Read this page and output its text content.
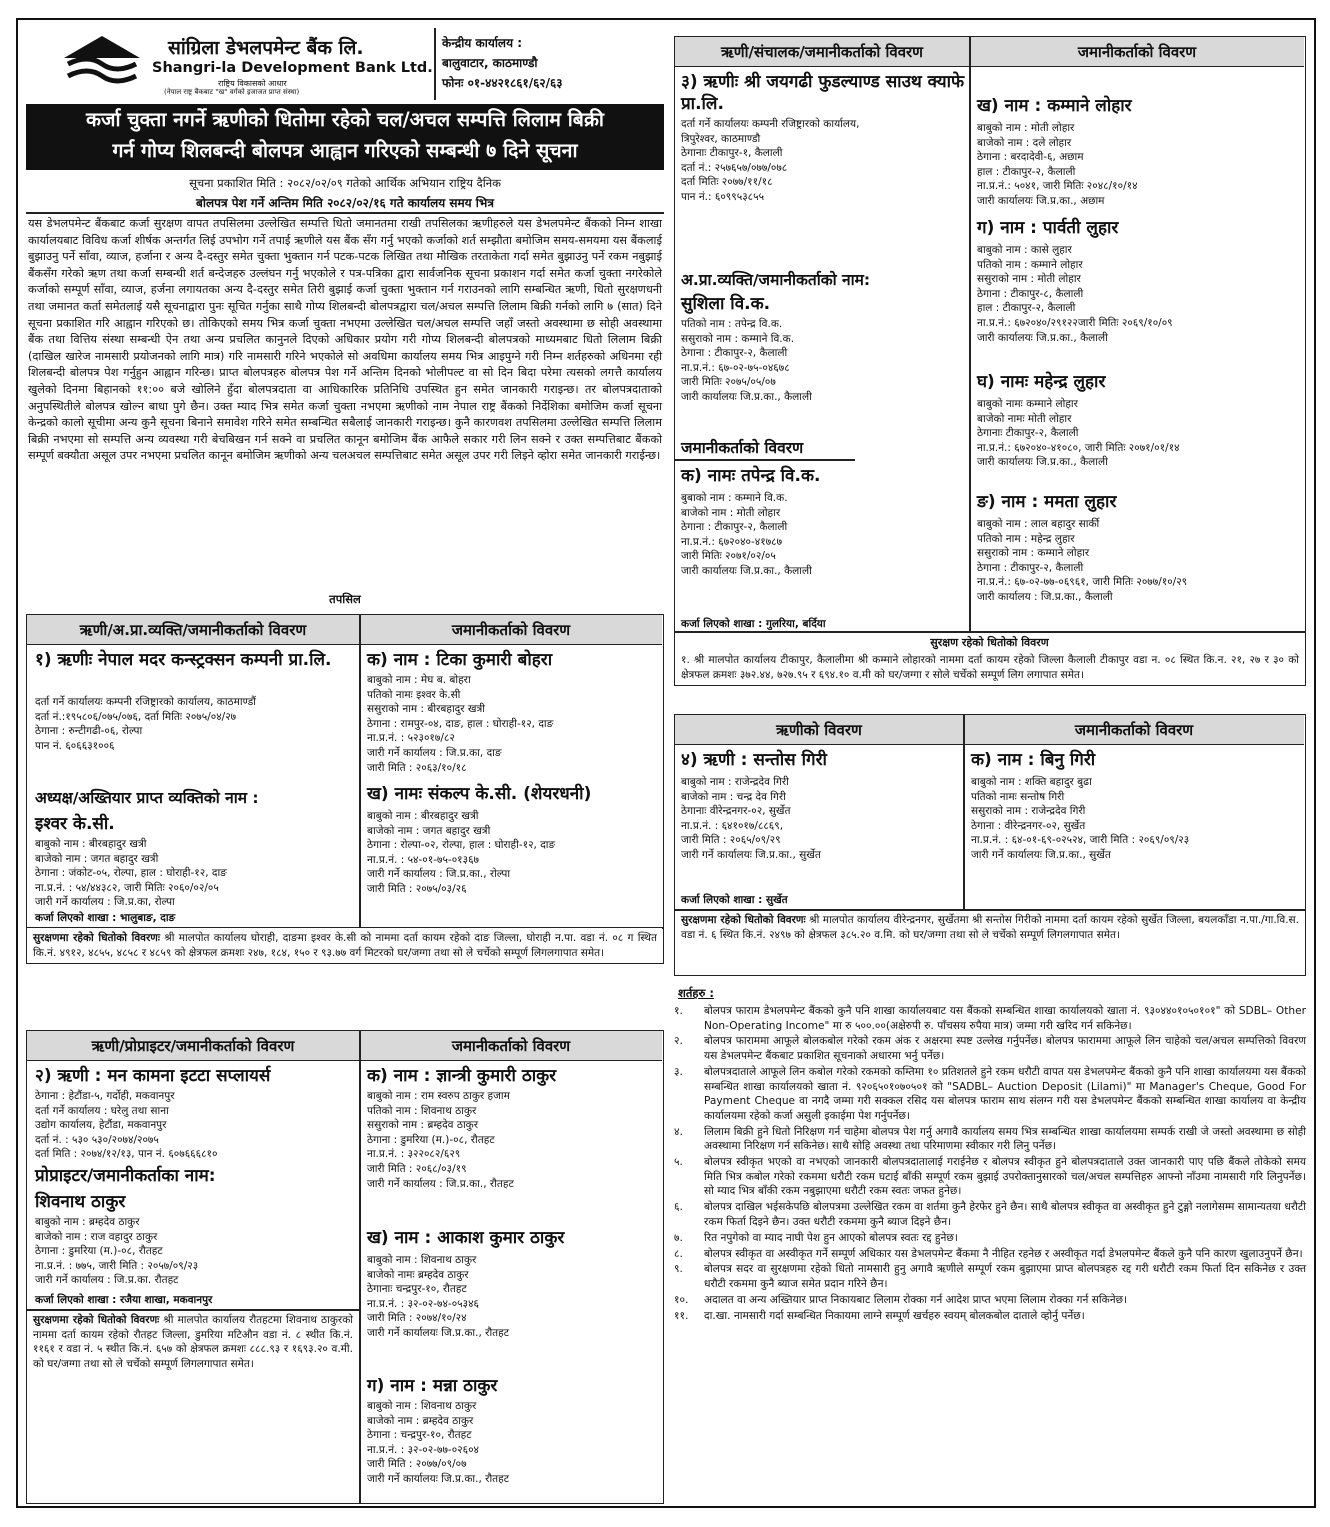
सांग्रिला डेभलपमेन्ट बैंक लि.
Shangri-la Development Bank Ltd.
राष्ट्रिय विकासको आधार
(नेपाल राष्ट्र बैंकबाट "ख" वर्गको इजाजत प्राप्त संस्था)
केन्द्रीय कार्यालय :
बालुवाटार, काठमाण्डौ
फोनः ०१-४४२१८६१/६२/६३
कर्जा चुक्ता नगर्ने ऋणीको धितोमा रहेको चल/अचल सम्पत्ति लिलाम बिक्री
गर्न गोप्य शिलबन्दी बोलपत्र आह्वान गरिएको सम्बन्धी ७ दिने सूचना
सूचना प्रकाशित मिति : २०८२/०२/०९ गतेको आर्थिक अभियान राष्ट्रिय दैनिक
बोलपत्र पेश गर्ने अन्तिम मिति २०८२/०२/१६ गते कार्यालय समय भित्र
यस डेभलपमेन्ट बैंकबाट कर्जा सुरक्षण वापत तपसिलमा उल्लेखित सम्पत्ति धितो जमानतमा राखी तपसिलका ऋणीहरुले यस डेभलपमेन्ट बैंकको निम्न शाखा कार्यालयबाट विविध कर्जा शीर्षक अन्तर्गत लिई उपभोग गर्ने तपाई ऋणीले यस बैंक सँग गर्नु भएको कर्जाको शर्त सम्झौता बमोजिम समय-समयमा यस बैंकलाई बुझाउनु पर्ने साँवा, व्याज, हर्जाना र अन्य दै-दस्तुर समेत चुक्ता भुक्तान गर्न पटक-पटक लिखित तथा मौखिक तरताकेता गर्दा समेत बुझाउनु पर्ने रकम नबुझाई बैंकसँग गरेको ऋण तथा कर्जा सम्बन्धी शर्त बन्देजहरु उल्लंघन गर्नु भएकोले र पत्र-पत्रिका द्वारा सार्वजनिक सूचना प्रकाशन गर्दा समेत कर्जा चुक्ता नगरेकोले कर्जाको सम्पूर्ण साँवा, व्याज, हर्जना लगायतका अन्य दै-दस्तुर समेत तिरी बुझाई कर्जा चुक्ता भुक्तान गर्न गराउनको लागि सम्बन्धित ऋणी, धितो सुरक्षणधनी तथा जमानत कर्ता समेतलाई यसै सूचनाद्वारा पुनः सूचित गर्नुका साथै गोप्य शिलबन्दी बोलपत्रद्वारा चल/अचल सम्पत्ति लिलाम बिक्री गर्नको लागि ७ (सात) दिने सूचना प्रकाशित गरि आह्वान गरिएको छ। तोकिएको समय भित्र कर्जा चुक्ता नभएमा उल्लेखित चल/अचल सम्पत्ति जहाँ जस्तो अवस्थामा छ सोही अवस्थामा बैंक तथा वित्तिय संस्था सम्बन्धी ऐन तथा अन्य प्रचलित कानुनले दिएको अधिकार प्रयोग गरी गोप्य शिलबन्दी बोलपत्रको माध्यमबाट धितो लिलाम बिक्री (दाखिल खारेज नामसारी प्रयोजनको लागि मात्र) गरि नामसारी गरिने भएकोले सो अवधिमा कार्यालय समय भित्र आइपुग्ने गरी निम्न शर्तहरुको अधिनमा रही शिलबन्दी बोलपत्र पेश गर्नुहुन आह्वान गरिन्छ। प्राप्त बोलपत्रहरु बोलपत्र पेश गर्ने अन्तिम दिनको भोलीपल्ट वा सो दिन बिदा परेमा त्यसको लगत्तै कार्यालय खुलेको दिनमा बिहानको ११:०० बजे खोलिने हुँदा बोलपत्रदाता वा आधिकारिक प्रतिनिधि उपस्थित हुन समेत जानकारी गराइन्छ। तर बोलपत्रदाताको अनुपस्थितीले बोलपत्र खोल्न बाधा पुगे छैन। उक्त म्याद भित्र समेत कर्जा चुक्ता नभएमा ऋणीको नाम नेपाल राष्ट्र बैंकको निर्देशिका बमोजिम कर्जा सूचना केन्द्रको कालो सूचीमा अन्य कुनै सूचना बिनाने समावेश गरिने समेत सम्बन्धित सबैलाई जानकारी गराइन्छ। कुनै कारणवश तपसिलमा उल्लेखित सम्पत्ति लिलाम बिक्री नभएमा सो सम्पत्ति अन्य व्यवस्था गरी बेचबिखन गर्न सक्ने वा प्रचलित कानून बमोजिम बैंक आफैले सकार गरी लिन सक्ने र उक्त सम्पत्तिबाट बैंकको सम्पूर्ण बक्यौता असूल उपर नभएमा प्रचलित कानून बमोजिम ऋणीको अन्य चलअचल सम्पत्तिबाट समेत असूल उपर गरी लिइने व्होरा समेत जानकारी गराईन्छ।
तपसिल
ऋणी/अ.प्रा.व्यक्ति/जमानीकर्ताको विवरण	जमानीकर्ताको विवरण
१) ऋणीः नेपाल मदर कन्स्ट्रक्सन कम्पनी प्रा.लि.
दर्ता गर्ने कार्यालयः कम्पनी रजिष्ट्रारको कार्यालय, काठमाण्डौं
दर्ता नं.:१९५८०६/०७५/०७६, दर्ता मितिः २०७५/०४/२७
ठेगाना : रुन्टीगढी-०६, रोल्पा
पान नं. ६०६६३१००६
अध्यक्ष/अख्तियार प्राप्त व्यक्तिको नाम :
इश्वर के.सी.
बाबुको नाम : बीरबहादुर खत्री
बाजेको नाम : जगत बहादुर खत्री
ठेगाना : जंकोट-०५, रोल्पा, हाल : घोराही-१२, दाङ
ना.प्र.नं. : ५४/४४३८२, जारी मितिः २०६०/०२/०५
जारी गर्ने कार्यालय : जि.प्र.का, रोल्पा
कर्जा लिएको शाखा : भालुबाङ, दाङ
क) नाम : टिका कुमारी बोहरा
बाबुको नाम : मेघ ब. बोहरा
पतिको नामः इश्वर के.सी
ससुराको नाम : बीरबहादुर खत्री
ठेगाना : रामपुर-०४, दाङ, हाल : घोराही-१२, दाङ
ना.प्र.नं. : ५२३०१७/८२
जारी गर्ने कार्यालय : जि.प्र.का, दाङ
जारी मिति : २०६३/१०/१८
ख) नामः संकल्प के.सी. (शेयरधनी)
बाबुको नाम : बीरबहादुर खत्री
बाजेको नाम : जगत बहादुर खत्री
ठेगाना : रोल्पा-०२, रोल्पा, हाल : घोराही-१२, दाङ
ना.प्र.नं. : ५४-०१-७५-०१३६७
जारी गर्ने कार्यालय : जि.प्र.का., रोल्पा
जारी मिति : २०७५/०३/२६
सुरक्षणमा रहेको धितोको विवरणः श्री मालपोत कार्यालय घोराही, दाङमा इश्वर के.सी को नाममा दर्ता कायम रहेको दाङ जिल्ला, घोराही न.पा. वडा नं. ०८ ग स्थित कि.नं. ४९१२, ४८५५, ४८५८ र ४८५९ को क्षेत्रफल क्रमशः २४७, १८४, १५० र ९३.७७ वर्ग मिटरको घर/जग्गा तथा सो ले चर्चेको सम्पूर्ण लिगलगापात समेत।
ऋणी/प्रोप्राइटर/जमानीकर्ताको विवरण	जमानीकर्ताको विवरण
२) ऋणी : मन कामना इटटा सप्लायर्स
ठेगाना : हेटौंडा-५, गर्दोही, मकवानपुर
दर्ता गर्ने कार्यालय : घरेलु तथा साना
उद्योग कार्यालय, हेटौंडा, मकवानपुर
दर्ता नं. : ५३० ५३०/२०७४/२०७५
दर्ता मिति : २०७४/१२/१३, पान नं. ६०७६६६८१०
प्रोप्राइटर/जमानीकर्ताका नाम:
शिवनाथ ठाकुर
बाबुको नाम : ब्रम्हदेव ठाकुर
बाजेको नाम : राज वहादुर ठाकुर
ठेगाना : डुमरिया (म.)-०८, रौतहट
ना.प्र.नं. : ७७५, जारी मिति : २०५७/०९/२३
जारी गर्ने कार्यालय : जि.प्र.का. रौतहट
कर्जा लिएको शाखा : रजैया शाखा, मकवानपुर
सुरक्षणमा रहेको धितोको विवरणः श्री मालपोत कार्यालय रौतहटमा शिवनाथ ठाकुरको नाममा दर्ता कायम रहेको रौतहट जिल्ला, डुमरिया मटिऔन वडा नं. ८ स्थीत कि.नं. ११६१ र वडा नं. ५ स्थीत कि.नं. ६५७ को क्षेत्रफल क्रमशः ८८८.९३ र १६९३.२० व.मी. को घर/जग्गा तथा सो ले चर्चेको सम्पूर्ण लिगलगापात समेत।
क) नाम : ज्ञान्त्री कुमारी ठाकुर
बाबुको नाम : राम स्वरुप ठाकुर हजाम
पतिको नाम : शिवनाथ ठाकुर
ससुराको नाम : ब्रम्हदेव ठाकुर
ठेगाना : डुमरिया (म.)-०८, रौतहट
ना.प्र.नं. : ३२२०८२/६२९
जारी मिति : २०६८/०३/१९
जारी गर्ने कार्यालय : जि.प्र.का., रौतहट
ख) नाम : आकाश कुमार ठाकुर
बाबुको नाम : शिवनाथ ठाकुर
बाजेको नामः ब्रम्हदेव ठाकुर
ठेगानाः चन्द्रपुर-१०, रौतहट
ना.प्र.नं. : ३२-०२-७४-०५३४६
जारी मिति : २०७४/१०/२४
जारी गर्ने कार्यालयः जि.प्र.का., रौतहट
ग) नाम : मन्ना ठाकुर
बाबुको नाम : शिवनाथ ठाकुर
बाजेको नाम : ब्रम्हदेव ठाकुर
ठेगाना : चन्द्रपुर-१०, रौतहट
ना.प्र.नं. : ३२-०२-७७-०२६०४
जारी मिति : २०७७/०९/०७
जारी गर्ने कार्यालयः जि.प्र.का., रौतहट
ऋणी/संचालक/जमानीकर्ताको विवरण	जमानीकर्ताको विवरण
३) ऋणीः श्री जयगढी फुडल्याण्ड साउथ क्याफे प्रा.लि.
दर्ता गर्ने कार्यालयः कम्पनी रजिष्ट्रारको कार्यालय,
त्रिपुरेश्वर, काठमाण्डौ
ठेगानाः टीकापुर-१, कैलाली
दर्ता नं.: २५७६५७/०७७/०७८
दर्ता मितिः २०७७/११/१८
पान नं.: ६०९९५३८५५
अ.प्रा.व्यक्ति/जमानीकर्ताको नाम:
सुशिला वि.क.
पतिको नाम : तपेन्द्र वि.क.
ससुराको नाम : कम्माने वि.क.
ठेगाना : टीकापुर-२, कैलाली
ना.प्र.नं.: ६७-०२-७५-०४६७८
जारी मितिः २०७५/०५/०७
जारी कार्यालयः जि.प्र.का., कैलाली
जमानीकर्ताको विवरण
क) नामः तपेन्द्र वि.क.
बुबाको नाम : कम्माने वि.क.
बाजेको नाम : मोती लोहार
ठेगाना : टीकापुर-२, कैलाली
ना.प्र.नं.: ६७२०४०-४१७८७
जारी मितिः २०७१/०२/०५
जारी कार्यालयः जि.प्र.का., कैलाली
कर्जा लिएको शाखा : गुलरिया, बर्दिया
ख) नाम : कम्माने लोहार
बाबुको नाम : मोती लोहार
बाजेको नाम : दले लोहार
ठेगाना : बरदादेवी-६, अछाम
हाल : टीकापुर-२, कैलाली
ना.प्र.नं.: ५०४१, जारी मितिः २०४८/१०/१४
जारी कार्यालयः जि.प्र.का., अछाम
ग) नाम : पार्वती लुहार
बाबुको नाम : कासे लुहार
पतिको नाम : कम्माने लोहार
ससुराको नाम : मोती लोहार
ठेगाना : टीकापुर-८, कैलाली
हाल : टीकापुर-२, कैलाली
ना.प्र.नं.: ६७२०४०/२९१२२जारी मितिः २०६९/१०/०९
जारी कार्यालयः जि.प्र.का., कैलाली
घ) नामः महेन्द्र लुहार
बाबुको नामः कम्माने लोहार
बाजेको नामः मोती लोहार
ठेगानाः टीकापुर-२, कैलाली
ना.प्र.नं.: ६७२०४०-४१०८०, जारी मितिः २०७१/०१/१४
जारी कार्यालयः जि.प्र.का., कैलाली
ङ) नाम : ममता लुहार
बाबुको नाम : लाल बहादुर सार्की
पतिको नाम : महेन्द्र लुहार
ससुराको नाम : कम्माने लोहार
ठेगाना : टीकापुर-२, कैलाली
ना.प्र.नं.: ६७-०२-७७-०६९६१, जारी मितिः २०७७/१०/२९
जारी कार्यालय : जि.प्र.का., कैलाली
सुरक्षण रहेको धितोको विवरण
१. श्री मालपोत कार्यालय टीकापुर, कैलालीमा श्री कम्माने लोहारको नाममा दर्ता कायम रहेको जिल्ला कैलाली टीकापुर वडा न. ०८ स्थित कि.न. २१, २७ र ३० को क्षेत्रफल क्रमशः ३७२.४४, ७२७.९५ र ६९४.१० व.मी को घर/जग्गा र सोले चर्चेको सम्पूर्ण लिग लगापात समेत।
ऋणीको विवरण	जमानीकर्ताको विवरण
४) ऋणी : सन्तोस गिरी
बाबुको नाम : राजेन्द्रदेव गिरी
बाजेको नाम : चन्द्र देव गिरी
ठेगानाः वीरेन्द्रनगर-०२, सुर्खेत
ना.प्र.नं. : ६४१०१७/८८६९,
जारी मिति : २०६५/०९/२९
जारी गर्ने कार्यालयः जि.प्र.का., सुर्खेत
कर्जा लिएको शाखा : सुर्खेत
क) नाम : बिनु गिरी
बाबुको नाम : शक्ति बहादुर बुढा
पतिको नामः सन्तोष गिरी
ससुराको नाम : राजेन्द्रदेव गिरी
ठेगाना : वीरेन्द्रनगर-०२, सुर्खेत
ना.प्र.नं. : ६४-०१-६९-०२५२४, जारी मिति : २०६९/०९/२३
जारी गर्ने कार्यालयः जि.प्र.का., सुर्खेत
सुरक्षणमा रहेको धितोको विवरणः श्री मालपोत कार्यालय वीरेन्द्रनगर, सुर्खेतमा श्री सन्तोस गिरीको नाममा दर्ता कायम रहेको सुर्खेत जिल्ला, बयलकाँडा न.पा./गा.वि.स. वडा नं. ६ स्थित कि.नं. २४९७ को क्षेत्रफल ३८५.२० व.मि. को घर/जग्गा तथा सो ले चर्चेको सम्पूर्ण लिगलगापात समेत।
शर्तहरु :
१.	बोलपत्र फाराम डेभलपमेन्ट बैंकको कुनै पनि शाखा कार्यालयबाट यस बैंकको सम्बन्धित शाखा कार्यालयको खाता नं. ९३०४४०१०५०१०१" को SDBL– Other Non-Operating Income" मा रु ५००.००(अक्षेरुपी रु. पाँचसय रुपैया मात्र) जम्मा गरी खरिद गर्न सकिनेछ।
२.	बोलपत्र फाराममा आफूले बोलकबोल गरेको रकम अंक र अक्षरमा स्पष्ट उल्लेख गर्नुपर्नेछ। बोलपत्र फाराममा आफूले लिन चाहेको चल/अचल सम्पत्तिको विवरण यस डेभलपमेन्ट बैंकबाट प्रकाशित सूचनाको अधारमा भर्नु पर्नेछ।
३.	बोलपत्रदाताले आफूले लिन कबोल गरेको रकमको कम्तिमा १० प्रतिशतले हुने रकम धरौटी वापत यस डेभलपमेन्ट बैंकको कुनै पनि शाखा कार्यालयमा यस बैंकको सम्बन्धित शाखा कार्यालयको खाता नं. ९२०६५०१०७०५०१ को "SADBL– Auction Deposit (Lilami)" मा Manager's Cheque, Good For Payment Cheque वा नगदै जम्मा गरी सक्कल रसिद यस बोलपत्र फाराम साथ संलग्न गरी यस डेभलपमेन्ट बैंकको सम्बन्धित शाखा कार्यालय वा केन्द्रीय कार्यालयमा रहेको कर्जा असुली इकाईमा पेश गर्नुपर्नेछ।
४.	लिलाम बिक्री हुने धितो निरिक्षण गर्न चाहेमा बोलपत्र पेश गर्नु अगावै कार्यालय समय भित्र सम्बन्धित शाखा कार्यालयमा सम्पर्क राखी जे जस्तो अवस्थामा छ सोही अवस्थामा निरिक्षण गर्न सकिनेछ। साथै सोहि अवस्था तथा परिमाणमा स्वीकार गरी लिनु पर्नेछ।
५.	बोलपत्र स्वीकृत भएको वा नभएको जानकारी बोलपत्रदातालाई गराईनेछ र बोलपत्र स्वीकृत हुने बोलपत्रदाताले उक्त जानकारी पाए पछि बैंकले तोकेको समय मिति भित्र कबोल गरेको रकममा धरौटी रकम घटाई बाँकी सम्पूर्ण रकम बुझाई उपरोक्तानुसारको चल/अचल सम्पत्तिहरु आफ्नो नाँउमा नामसारी गरि लिनुपर्नेछ। सो म्याद भित्र बाँकी रकम नबुझाएमा धरौटी रकम स्वतः जफत हुनेछ।
६.	बोलपत्र दाखिल भईसकेपछि बोलपत्रमा उल्लेखित रकम वा शर्तमा कुनै हेरफेर हुने छैन। साथै बोलपत्र स्वीकृत वा अस्वीकृत हुने टुङ्गो नलागेसम्म सामान्यतया धरौटी रकम फिर्ता दिइने छैन। उक्त धरौटी रकममा कुनै ब्याज दिइने छैन।
७.	रित नपुगेको वा म्याद नाघी पेश हुन आएको बोलपत्र स्वतः रद्द हुनेछ।
८.	बोलपत्र स्वीकृत वा अस्वीकृत गर्ने सम्पूर्ण अधिकार यस डेभलपमेन्ट बैंकमा नै नीहित रहनेछ र अस्वीकृत गर्दा डेभलपमेन्ट बैंकले कुनै पनि कारण खुलाउनुपर्ने छैन।
९.	बोलपत्र सदर वा सुरक्षणमा रहेको धितो नामसारी हुनु अगावै ऋणीले सम्पूर्ण रकम बुझाएमा प्राप्त बोलपत्रहरु रद्द गरी धरौटी रकम फिर्ता दिन सकिनेछ र उक्त धरौटी रकममा कुनै ब्याज समेत प्रदान गरिने छैन।
१०.	अदालत वा अन्य अख्तियार प्राप्त निकायबाट लिलाम रोक्का गर्न आदेश प्राप्त भएमा लिलाम रोक्का गर्न सकिनेछ।
११.	दा.खा. नामसारी गर्दा सम्बन्धित निकायमा लाग्ने सम्पूर्ण खर्चहरु स्वयम् बोलकबोल दाताले व्होर्नु पर्नेछ।
